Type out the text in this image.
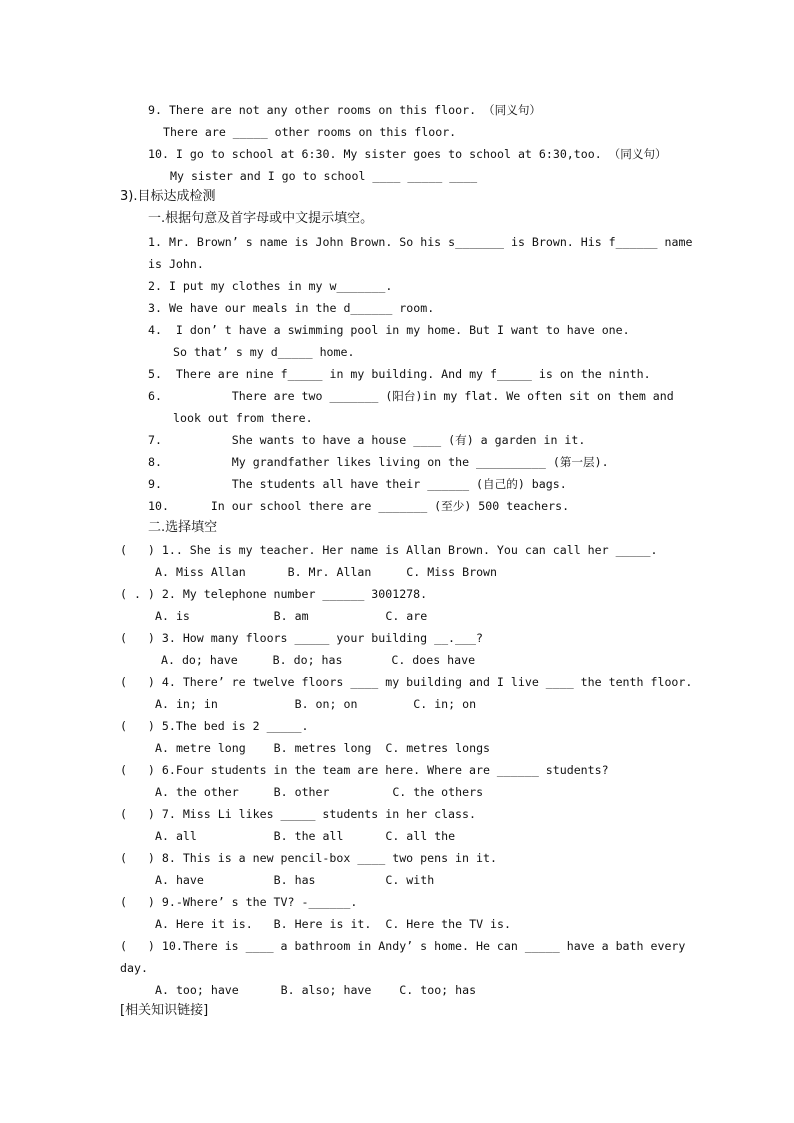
9. There are not any other rooms on this floor. （同义句）
There are _____ other rooms on this floor.
10. I go to school at 6:30. My sister goes to school at 6:30,too. （同义句）
My sister and I go to school ____ _____ ____
3).目标达成检测
一.根据句意及首字母或中文提示填空。
1. Mr. Brown’ s name is John Brown. So his s_______ is Brown. His f______ name
is John.
2. I put my clothes in my w_______.
3. We have our meals in the d______ room.
4.  I don’ t have a swimming pool in my home. But I want to have one.
So that’ s my d_____ home.
5.  There are nine f_____ in my building. And my f_____ is on the ninth.
6.          There are two _______ (阳台)in my flat. We often sit on them and
look out from there.
7.          She wants to have a house ____ (有) a garden in it.
8.          My grandfather likes living on the __________ (第一层).
9.          The students all have their ______ (自己的) bags.
10.      In our school there are _______ (至少) 500 teachers.
二.选择填空
(   ) 1.. She is my teacher. Her name is Allan Brown. You can call her _____.
A. Miss Allan      B. Mr. Allan     C. Miss Brown
( . ) 2. My telephone number ______ 3001278.
A. is            B. am           C. are
(   ) 3. How many floors _____ your building __.___?
A. do; have     B. do; has       C. does have
(   ) 4. There’ re twelve floors ____ my building and I live ____ the tenth floor.
A. in; in           B. on; on        C. in; on
(   ) 5.The bed is 2 _____.
A. metre long    B. metres long  C. metres longs
(   ) 6.Four students in the team are here. Where are ______ students?
A. the other     B. other         C. the others
(   ) 7. Miss Li likes _____ students in her class.
A. all           B. the all      C. all the
(   ) 8. This is a new pencil-box ____ two pens in it.
A. have          B. has          C. with
(   ) 9.-Where’ s the TV? -______.
A. Here it is.   B. Here is it.  C. Here the TV is.
(   ) 10.There is ____ a bathroom in Andy’ s home. He can _____ have a bath every
day.
A. too; have      B. also; have    C. too; has
[相关知识链接]
